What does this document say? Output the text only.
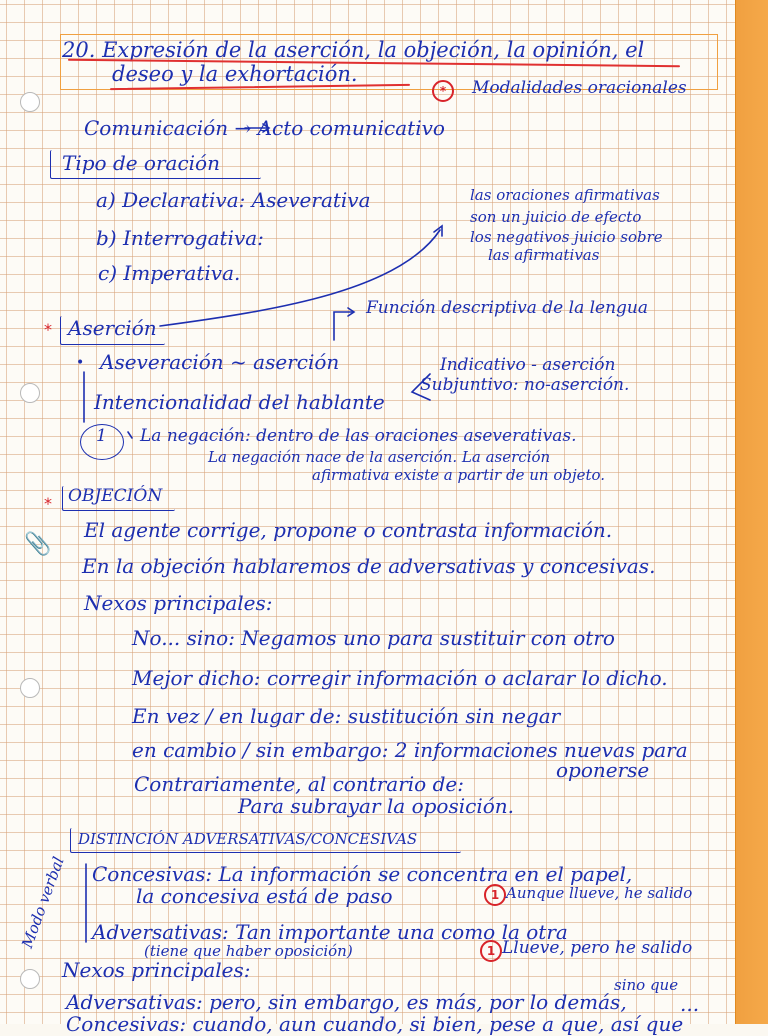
📎
20. Expresión de la aserción, la objeción, la opinión, el
deseo y la exhortación.
*	Modalidades oracionales
Comunicación → Acto comunicativo
Tipo de oración
a) Declarativa: Aseverativa
b) Interrogativa:
c) Imperativa.
las oraciones afirmativas
son un juicio de efecto
los negativos juicio sobre
las afirmativas
* Aserción
Función descriptiva de la lengua
• Aseveración ~ aserción
Intencionalidad del hablante
Indicativo - aserción
Subjuntivo: no-aserción.
1 La negación: dentro de las oraciones aseverativas.
La negación nace de la aserción. La aserción
afirmativa existe a partir de un objeto.
* OBJECIÓN
El agente corrige, propone o contrasta información.
En la objeción hablaremos de adversativas y concesivas.
Nexos principales:
No... sino: Negamos uno para sustituir con otro
Mejor dicho: corregir información o aclarar lo dicho.
En vez / en lugar de: sustitución sin negar
en cambio / sin embargo: 2 informaciones nuevas para
oponerse
Contrariamente, al contrario de:
Para subrayar la oposición.
DISTINCIÓN ADVERSATIVAS/CONCESIVAS
Modo verbal Concesivas: La información se concentra en el papel,
la concesiva está de paso	1 Aunque llueve, he salido
Adversativas: Tan importante una como la otra
(tiene que haber oposición)	1 Llueve, pero he salido
Nexos principales:
sino que
Adversativas: pero, sin embargo, es más, por lo demás,	...
Concesivas: cuando, aun cuando, si bien, pese a que, así que
